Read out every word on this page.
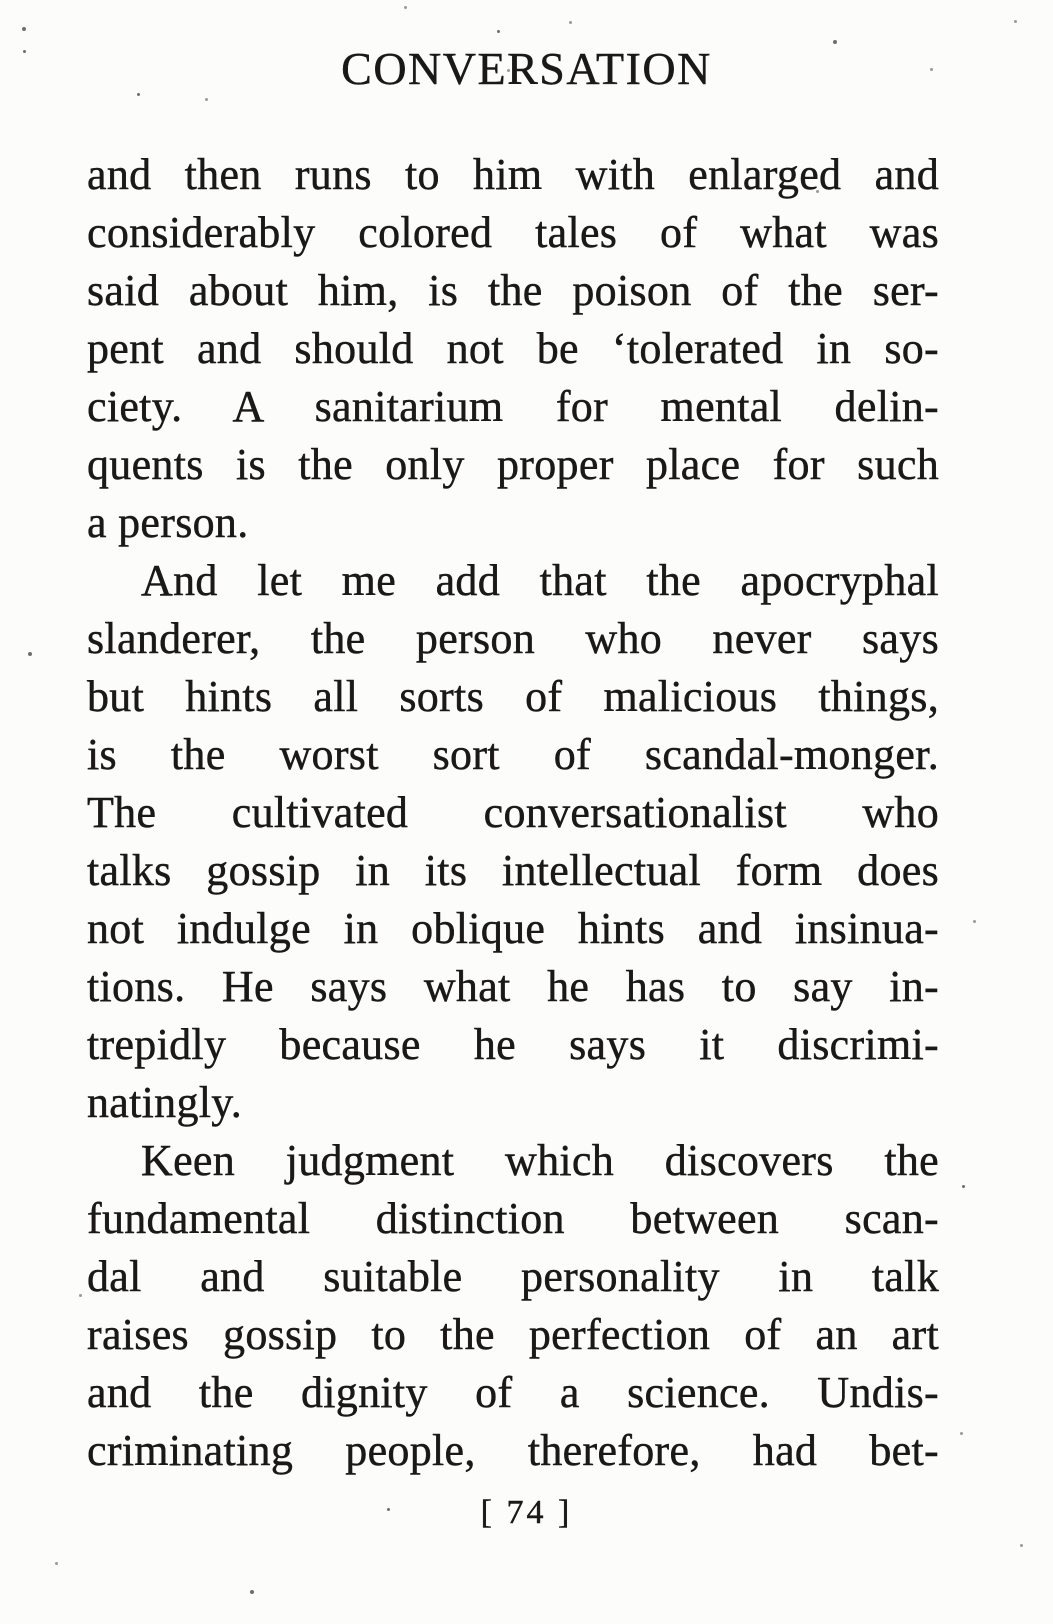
CONVERSATION
and then runs to him with enlarged and
considerably colored tales of what was
said about him, is the poison of the ser-
pent and should not be ‘tolerated in so-
ciety. A sanitarium for mental delin-
quents is the only proper place for such
a person.
And let me add that the apocryphal
slanderer, the person who never says
but hints all sorts of malicious things,
is the worst sort of scandal-monger.
The cultivated conversationalist who
talks gossip in its intellectual form does
not indulge in oblique hints and insinua-
tions. He says what he has to say in-
trepidly because he says it discrimi-
natingly.
Keen judgment which discovers the
fundamental distinction between scan-
dal and suitable personality in talk
raises gossip to the perfection of an art
and the dignity of a science. Undis-
criminating people, therefore, had bet-
[ 74 ]
